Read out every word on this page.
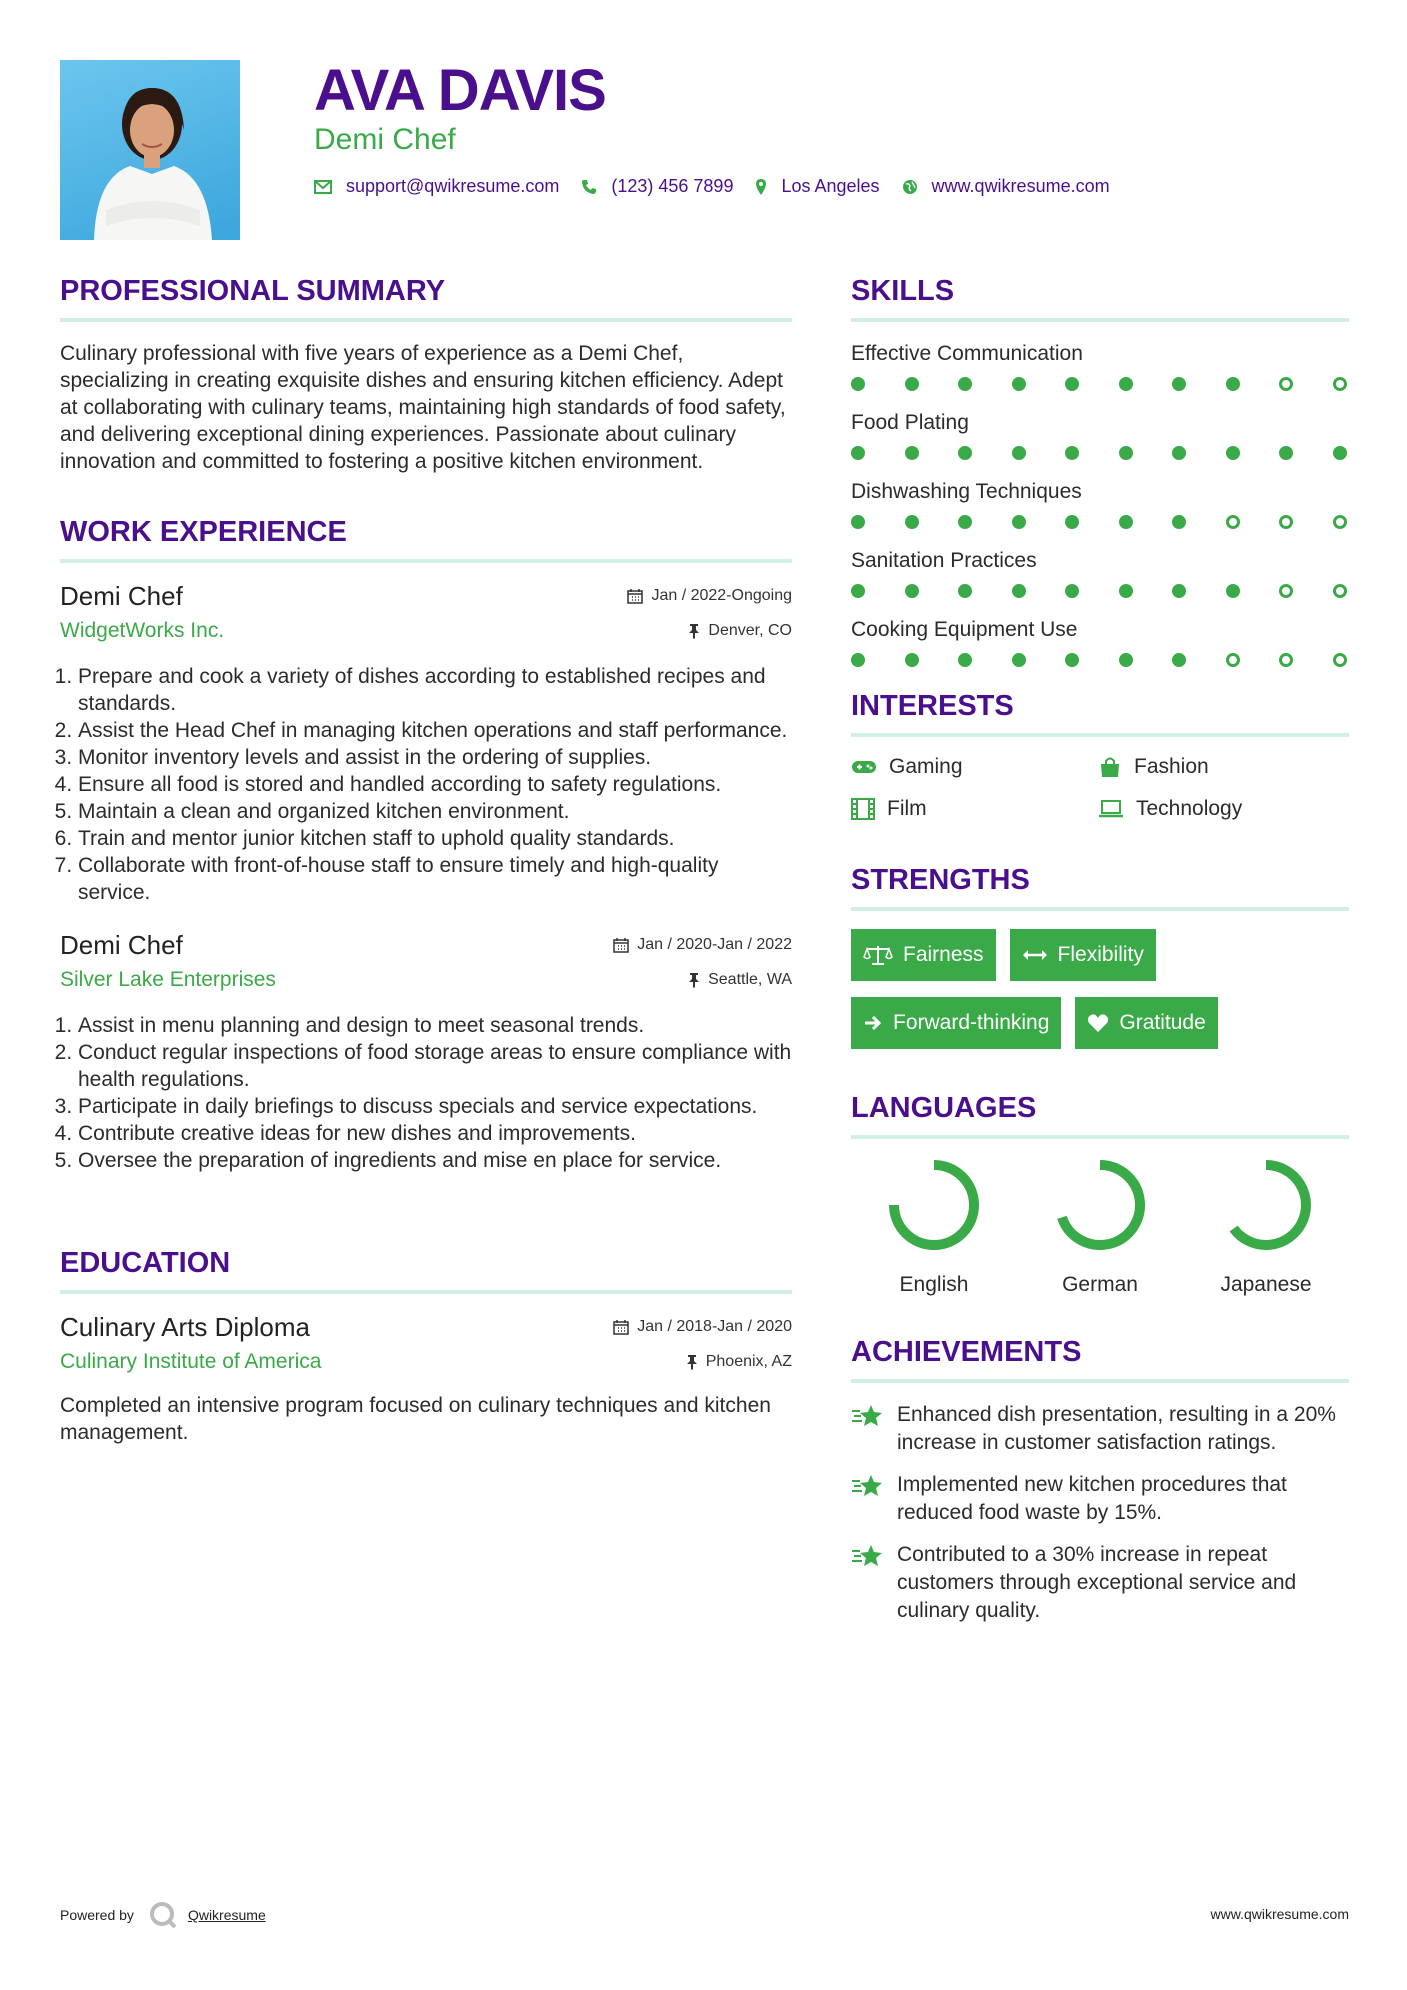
AVA DAVIS
Demi Chef
support@qwikresume.com	(123) 456 7899	Los Angeles	www.qwikresume.com
PROFESSIONAL SUMMARY
Culinary professional with five years of experience as a Demi Chef, specializing in creating exquisite dishes and ensuring kitchen efficiency. Adept at collaborating with culinary teams, maintaining high standards of food safety, and delivering exceptional dining experiences. Passionate about culinary innovation and committed to fostering a positive kitchen environment.
WORK EXPERIENCE
Demi Chef	Jan / 2022-Ongoing
WidgetWorks Inc.	Denver, CO
1. Prepare and cook a variety of dishes according to established recipes and standards.
2. Assist the Head Chef in managing kitchen operations and staff performance.
3. Monitor inventory levels and assist in the ordering of supplies.
4. Ensure all food is stored and handled according to safety regulations.
5. Maintain a clean and organized kitchen environment.
6. Train and mentor junior kitchen staff to uphold quality standards.
7. Collaborate with front-of-house staff to ensure timely and high-quality service.
Demi Chef	Jan / 2020-Jan / 2022
Silver Lake Enterprises	Seattle, WA
1. Assist in menu planning and design to meet seasonal trends.
2. Conduct regular inspections of food storage areas to ensure compliance with health regulations.
3. Participate in daily briefings to discuss specials and service expectations.
4. Contribute creative ideas for new dishes and improvements.
5. Oversee the preparation of ingredients and mise en place for service.
EDUCATION
Culinary Arts Diploma	Jan / 2018-Jan / 2020
Culinary Institute of America	Phoenix, AZ
Completed an intensive program focused on culinary techniques and kitchen management.
SKILLS
Effective Communication
Food Plating
Dishwashing Techniques
Sanitation Practices
Cooking Equipment Use
INTERESTS
Gaming	Fashion
Film	Technology
STRENGTHS
Fairness	Flexibility
Forward-thinking	Gratitude
LANGUAGES
English	German	Japanese
ACHIEVEMENTS
Enhanced dish presentation, resulting in a 20% increase in customer satisfaction ratings.
Implemented new kitchen procedures that reduced food waste by 15%.
Contributed to a 30% increase in repeat customers through exceptional service and culinary quality.
Powered by	Qwikresume	www.qwikresume.com
